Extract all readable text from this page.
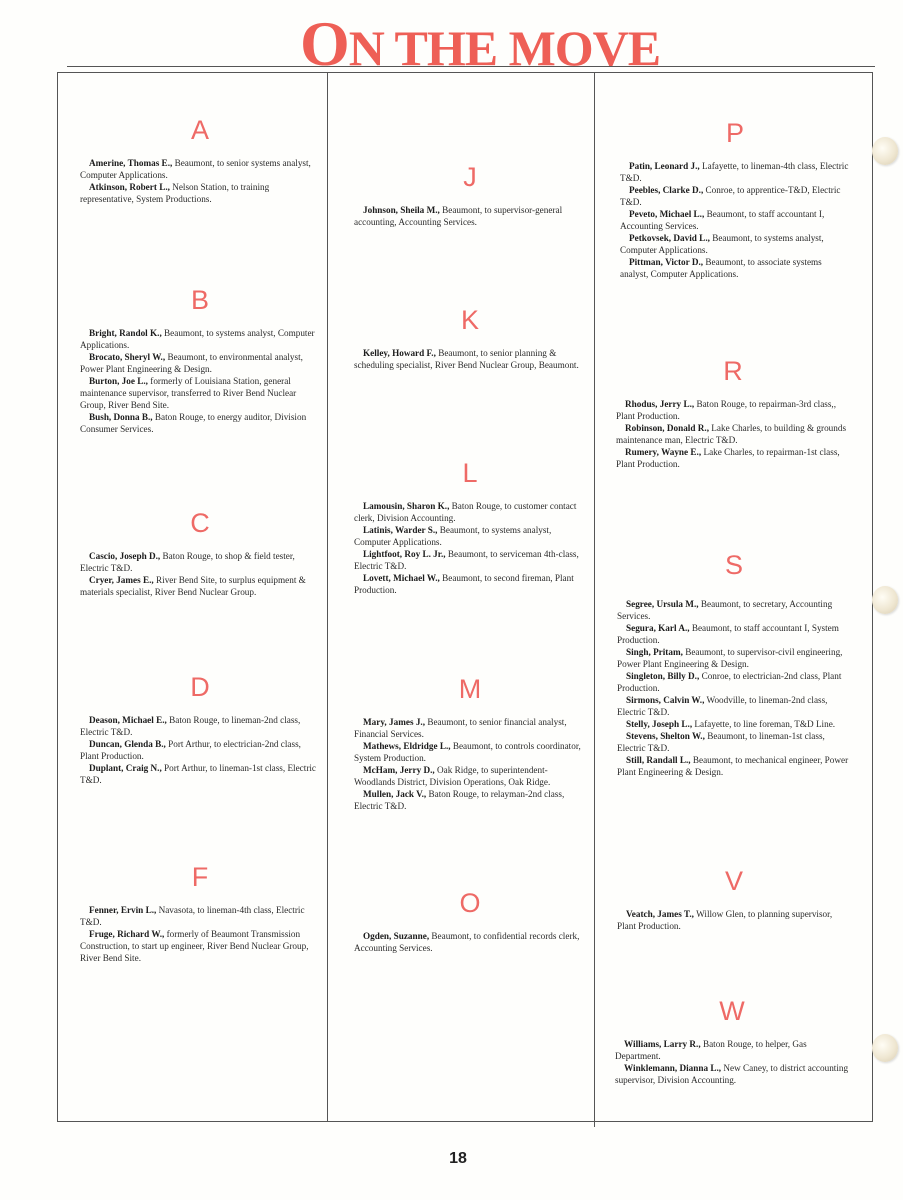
ON THE MOVE
A

Amerine, Thomas E., Beaumont, to senior systems analyst, Computer Applications.

Atkinson, Robert L., Nelson Station, to training representative, System Productions.

B

Bright, Randol K., Beaumont, to systems analyst, Computer Applications.

Brocato, Sheryl W., Beaumont, to environmental analyst, Power Plant Engineering & Design.

Burton, Joe L., formerly of Louisiana Station, general maintenance supervisor, transferred to River Bend Nuclear Group, River Bend Site.

Bush, Donna B., Baton Rouge, to energy auditor, Division Consumer Services.

C

Cascio, Joseph D., Baton Rouge, to shop & field tester, Electric T&D.

Cryer, James E., River Bend Site, to surplus equipment & materials specialist, River Bend Nuclear Group.

D

Deason, Michael E., Baton Rouge, to lineman-2nd class, Electric T&D.

Duncan, Glenda B., Port Arthur, to electrician-2nd class, Plant Production.

Duplant, Craig N., Port Arthur, to lineman-1st class, Electric T&D.

F

Fenner, Ervin L., Navasota, to lineman-4th class, Electric T&D.

Fruge, Richard W., formerly of Beaumont Transmission Construction, to start up engineer, River Bend Nuclear Group, River Bend Site.

J

Johnson, Sheila M., Beaumont, to supervisor-general accounting, Accounting Services.

K

Kelley, Howard F., Beaumont, to senior planning & scheduling specialist, River Bend Nuclear Group, Beaumont.

L

Lamousin, Sharon K., Baton Rouge, to customer contact clerk, Division Accounting.

Latinis, Warder S., Beaumont, to systems analyst, Computer Applications.

Lightfoot, Roy L. Jr., Beaumont, to serviceman 4th-class, Electric T&D.

Lovett, Michael W., Beaumont, to second fireman, Plant Production.

M

Mary, James J., Beaumont, to senior financial analyst, Financial Services.

Mathews, Eldridge L., Beaumont, to controls coordinator, System Production.

McHam, Jerry D., Oak Ridge, to superintendent-Woodlands District, Division Operations, Oak Ridge.

Mullen, Jack V., Baton Rouge, to relayman-2nd class, Electric T&D.

O

Ogden, Suzanne, Beaumont, to confidential records clerk, Accounting Services.

P

Patin, Leonard J., Lafayette, to lineman-4th class, Electric T&D.

Peebles, Clarke D., Conroe, to apprentice-T&D, Electric T&D.

Peveto, Michael L., Beaumont, to staff accountant I, Accounting Services.

Petkovsek, David L., Beaumont, to systems analyst, Computer Applications.

Pittman, Victor D., Beaumont, to associate systems analyst, Computer Applications.

R

Rhodus, Jerry L., Baton Rouge, to repairman-3rd class,, Plant Production.

Robinson, Donald R., Lake Charles, to building & grounds maintenance man, Electric T&D.

Rumery, Wayne E., Lake Charles, to repairman-1st class, Plant Production.

S

Segree, Ursula M., Beaumont, to secretary, Accounting Services.

Segura, Karl A., Beaumont, to staff accountant I, System Production.

Singh, Pritam, Beaumont, to supervisor-civil engineering, Power Plant Engineering & Design.

Singleton, Billy D., Conroe, to electrician-2nd class, Plant Production.

Sirmons, Calvin W., Woodville, to lineman-2nd class, Electric T&D.

Stelly, Joseph L., Lafayette, to line foreman, T&D Line.

Stevens, Shelton W., Beaumont, to lineman-1st class, Electric T&D.

Still, Randall L., Beaumont, to mechanical engineer, Power Plant Engineering & Design.

V

Veatch, James T., Willow Glen, to planning supervisor, Plant Production.

W

Williams, Larry R., Baton Rouge, to helper, Gas Department.

Winklemann, Dianna L., New Caney, to district accounting supervisor, Division Accounting.

18
